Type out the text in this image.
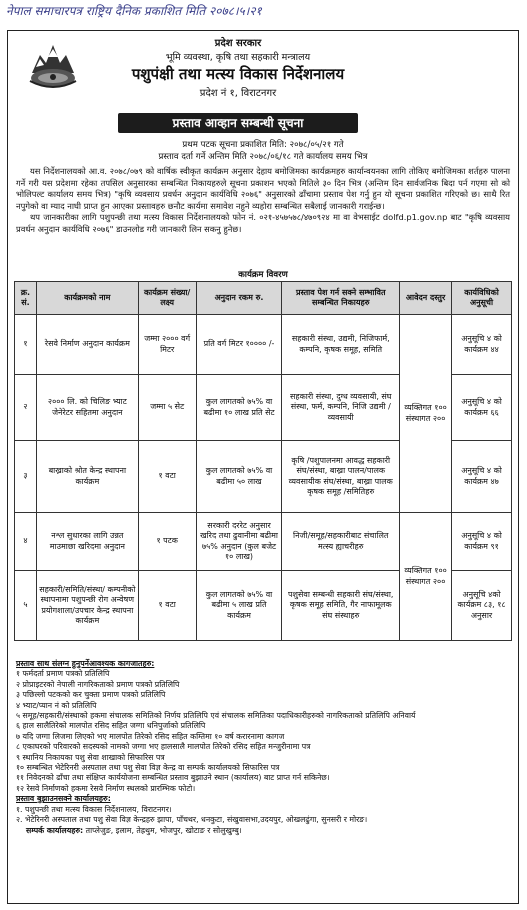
नेपाल समाचारपत्र राष्ट्रिय दैनिक प्रकाशित मिति २०७८।५।२१
प्रदेश सरकार
भूमि व्यवस्था, कृषि तथा सहकारी मन्त्रालय
पशुपंक्षी तथा मत्स्य विकास निर्देशनालय
प्रदेश नं १, विराटनगर
प्रस्ताव आव्हान सम्बन्धी सूचना
प्रथम पटक सूचना प्रकाशित मिति: २०७८/०५/२१ गते
प्रस्ताव दर्ता गर्ने अन्तिम मिति २०७८/०६/१८ गते कार्यालय समय भित्र

यस निर्देशनालयको आ.व. २०७८/०७९ को वार्षिक स्वीकृत कार्यक्रम अनुसार देहाय बमोजिमका कार्यक्रमहरु कार्यान्वयनका लागि तोकिए बमोजिमका शर्तहरु पालना गर्ने गरी यस प्रदेशमा रहेका तपसिल अनुसारका सम्बन्धित निकायहरुले सूचना प्रकाशन भएको मितिले ३० दिन भित्र (अन्तिम दिन सार्वजनिक बिदा पर्न गएमा सो को भोलिपल्ट कार्यालय समय भित्र) "कृषि व्यवसाय प्रवर्धन अनुदान कार्यविधि २०७६" अनुसारको ढाँचामा प्रस्ताव पेश गर्नु हुन यो सूचना प्रकाशित गरिएको छ। साथै रित नपुगेको वा म्याद नाघी प्राप्त हुन आएका प्रस्तावहरु छनौट कार्यमा समावेश नहुने व्यहोरा सम्बन्धित सबैलाई जानकारी गराईन्छ।

थप जानकारीका लागि पशुपन्छी तथा मत्स्य विकास निर्देशनालयको फोन नं. ०२१-४५७५७८/४७०९२४ मा वा वेभसाईट dolfd.p1.gov.np बाट "कृषि व्यवसाय प्रवर्धन अनुदान कार्यविधि २०७६" डाउनलोड गरी जानकारी लिन सकनु हुनेछ।

कार्यक्रम विवरण
क्र. सं.	कार्यक्रमको नाम	कार्यक्रम संख्या/लक्ष्य	अनुदान रकम रु.	प्रस्ताव पेश गर्न सक्ने सम्भावित सम्बन्धित निकायहरु	आवेदन दस्तुर	कार्यविधिको अनुसूची
१	रेसवे निर्माण अनुदान कार्यक्रम	जम्मा २००० वर्ग मिटर	प्रति वर्ग मिटर १०००० /-	सहकारी संस्था, उद्यमी, निजिफार्म, कम्पनि, कृषक समूह, समिति	व्यक्तिगत १०० संस्थागत २००	अनुसूचि ४ को कार्यक्रम ४४
२	२००० लि. को चिलिङ भ्याट जेनेरेटर सहितमा अनुदान	जम्मा ५ सेट	कुल लागतको ७५% वा बढीमा १० लाख प्रति सेट	सहकारी संस्था, दुग्ध व्यवसायी, संघ संस्था, फर्म, कम्पनि, निजि उद्यमी /व्यवसायी		अनुसूचि ४ को कार्यक्रम ६६
३	बाख्राको श्रोत केन्द्र स्थापना कार्यक्रम	१ वटा	कुल लागतको ७५% वा बढीमा ५० लाख	कृषि /पशुपालनमा आवद्ध सहकारी संघ/संस्था, बाख्रा पालन/पालक व्यवसायीक संघ/संस्था, बाख्रा पालक कृषक समूह /समितिहरु		अनुसूचि ४ को कार्यक्रम ४७
४	नश्ल सुधारका लागि उन्नत माउमाछा खरिदमा अनुदान	१ पटक	सरकारी दररेट अनुसार खरिद तथा ढुवानीमा बढीमा ७५% अनुदान (कुल बजेट १० लाख)	निजी/समूह/सहकारीबाट संचालित मत्स्य ह्याचरीहरु	व्यक्तिगत १०० संस्थागत २००	अनुसूचि ४ को कार्यक्रम ९१
५	सहकारी/समिति/संस्था/ कम्पनीको स्थापनामा पशुपन्छी रोग अन्वेषण प्रयोगशाला/उपचार केन्द्र स्थापना कार्यक्रम	१ वटा	कुल लागतको ७५% वा बढीमा ५ लाख प्रति कार्यक्रम	पशुसेवा सम्बन्धी सहकारी संघ/संस्था, कृषक समूह समिति, गैर नाफामूलक संघ संस्थाहरु		अनुसूचि ४को कार्यक्रम ८३, १८ अनुसार
प्रस्ताव साथ संलग्न हुनुपर्नेआवश्यक कागजातहरु:
१ फर्मदर्ता प्रमाण पत्रको प्रतिलिपि
२ प्रोप्राइटरको नेपाली नागरिकताको प्रमाण पत्रको प्रतिलिपि
३ पछिल्लो पटकको कर चुक्ता प्रमाण पत्रको प्रतिलिपि
४ भ्याट/प्यान नं को प्रतिलिपि
५ समूह/सहकारी/संस्थाको हकमा संचालक समितिको निर्णय प्रतिलिपि एवं संचालक समितिका पदाधिकारीहरुको नागरिकताको प्रतिलिपि अनिवार्य
६ हाल सालैतिरेको मालपोत रसिद सहित जग्गा धनिपुर्जाको प्रतिलिपि
७ यदि जग्गा लिजमा लिएको भए मालपोत तिरेको रसिद सहित कम्तिमा १० वर्ष करारनामा कागज
८ एकाघरको परिवारको सदस्यको नामको जग्गा भए हालसालै मालपोत तिरेको रसिद सहित मन्जुरीनामा पत्र
९ स्थानिय निकायका पशु सेवा शाखाको सिफारिस पत्र
१० सम्बन्धित भेटेरिनरी अस्पताल तथा पशु सेवा विज्ञ केन्द्र वा सम्पर्क कार्यालयको सिफारिस पत्र
११ निवेदनको ढाँचा तथा संक्षिप्त कार्ययोजना सम्बन्धित प्रस्ताव बुझाउने स्थान (कार्यालय) बाट प्राप्त गर्न सकिनेछ।
१२ रेसवे निर्माणको हकमा रेसवे निर्माण स्थलको प्रारम्भिक फोटो।
प्रस्ताव बुझाउनसक्ने कार्यालयहरु:
१. पशुपन्छी तथा मत्स्य विकास निर्देशनालय, विराटनगर।
२. भेटेरिनरी अस्पताल तथा पशु सेवा विज्ञ केन्द्रहरु झापा, पाँचथर, धनकुटा, संखुवासभा,उदयपुर, ओखलढुंगा, सुनसरी र मोरङ।
सम्पर्क कार्यालयहरु: ताप्लेजुङ, इलाम, तेह्रथुम, भोजपुर, खोटाङ र सोलुखुम्बु।
